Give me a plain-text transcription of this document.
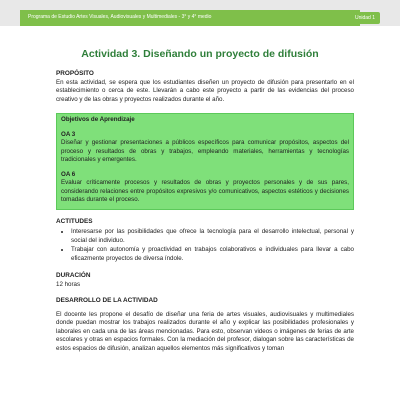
Programa de Estudio Artes Visuales, Audiovisuales y Multimediales - 3° y 4° medio	Unidad 1
Actividad 3. Diseñando un proyecto de difusión

PROPÓSITO

En esta actividad, se espera que los estudiantes diseñen un proyecto de difusión para presentarlo en el establecimiento o cerca de este. Llevarán a cabo este proyecto a partir de las evidencias del proceso creativo y de las obras y proyectos realizados durante el año.

Objetivos de Aprendizaje

OA 3

Diseñar y gestionar presentaciones a públicos específicos para comunicar propósitos, aspectos del proceso y resultados de obras y trabajos, empleando materiales, herramientas y tecnologías tradicionales y emergentes.

OA 6

Evaluar críticamente procesos y resultados de obras y proyectos personales y de sus pares, considerando relaciones entre propósitos expresivos y/o comunicativos, aspectos estéticos y decisiones tomadas durante el proceso.

ACTITUDES

• Interesarse por las posibilidades que ofrece la tecnología para el desarrollo intelectual, personal y social del individuo.
• Trabajar con autonomía y proactividad en trabajos colaborativos e individuales para llevar a cabo eficazmente proyectos de diversa índole.

DURACIÓN

12 horas

DESARROLLO DE LA ACTIVIDAD

El docente les propone el desafío de diseñar una feria de artes visuales, audiovisuales y multimediales donde puedan mostrar los trabajos realizados durante el año y explicar las posibilidades profesionales y laborales en cada una de las áreas mencionadas. Para esto, observan videos o imágenes de ferias de arte escolares y otras en espacios formales. Con la mediación del profesor, dialogan sobre las características de estos espacios de difusión, analizan aquellos elementos más significativos y toman
